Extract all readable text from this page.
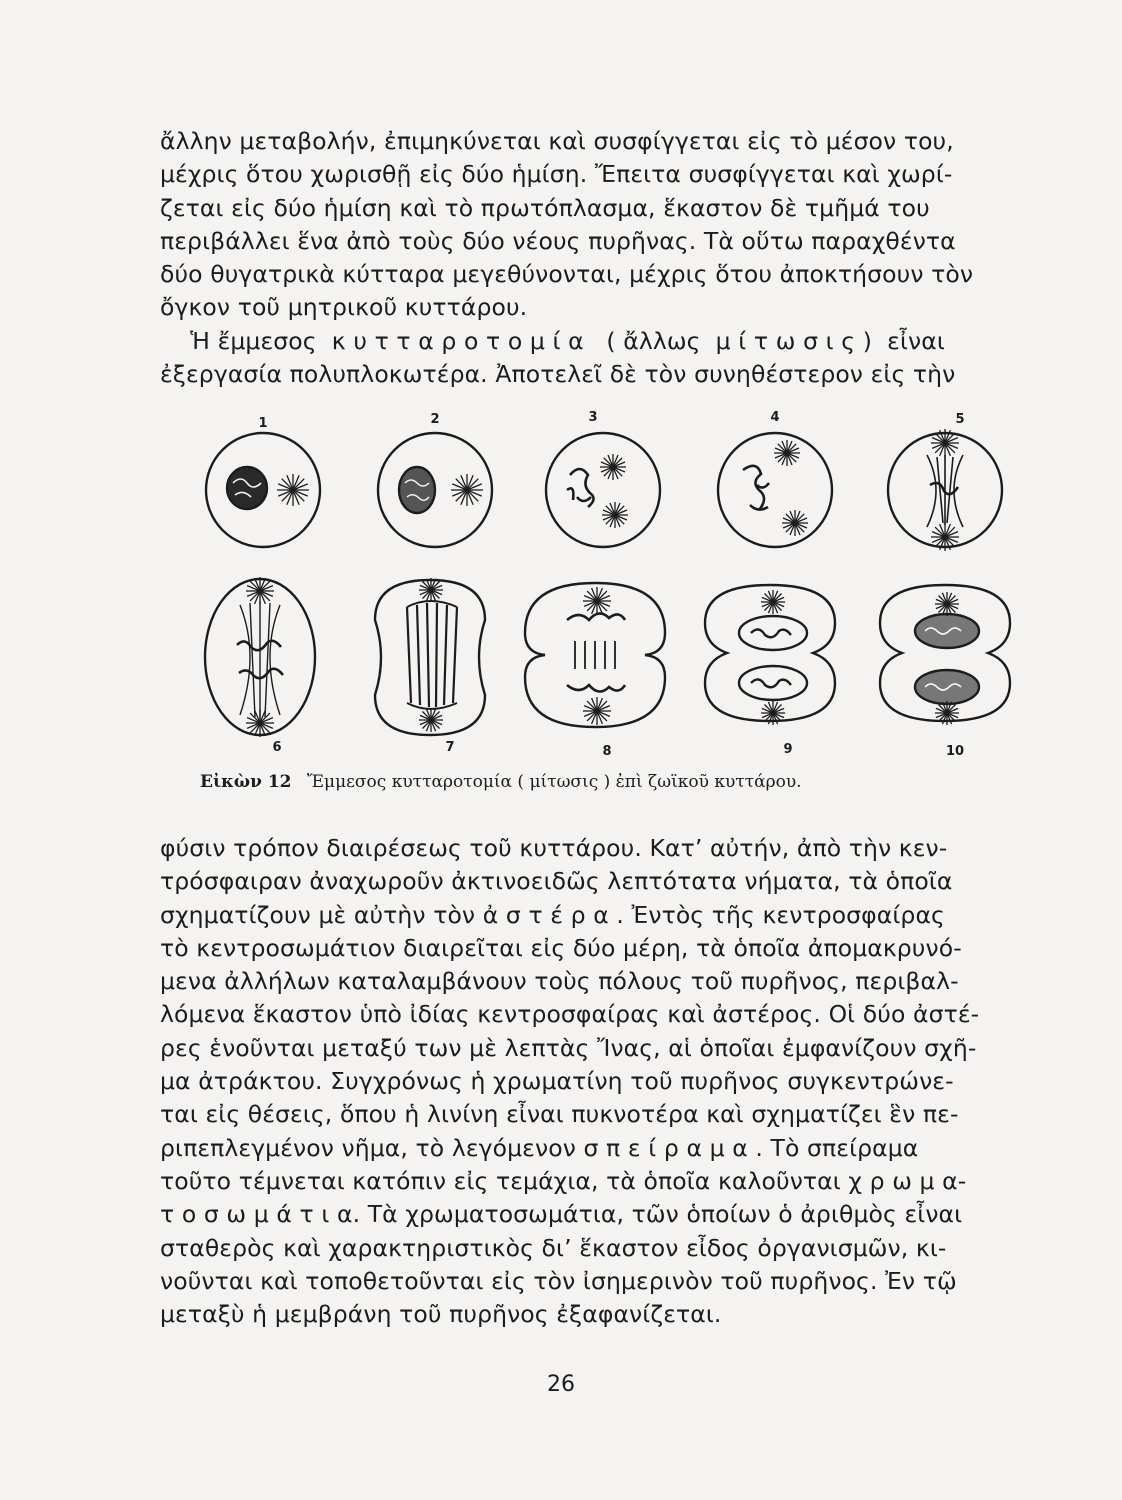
ἄλλην μεταβολήν, ἐπιμηκύνεται καὶ συσφίγγεται εἰς τὸ μέσον του,
μέχρις ὅτου χωρισθῇ εἰς δύο ἡμίση. Ἔπειτα συσφίγγεται καὶ χωρί-
ζεται εἰς δύο ἡμίση καὶ τὸ πρωτόπλασμα, ἕκαστον δὲ τμῆμά του
περιβάλλει ἕνα ἀπὸ τοὺς δύο νέους πυρῆνας. Τὰ οὕτω παραχθέντα
δύο θυγατρικὰ κύτταρα μεγεθύνονται, μέχρις ὅτου ἀποκτήσουν τὸν
ὄγκον τοῦ μητρικοῦ κυττάρου.
Ἡ ἔμμεσος  κ υ τ τ α ρ ο τ ο μ ί α   ( ἄλλως  μ ί τ ω σ ι ς )  εἶναι
ἐξεργασία πολυπλοκωτέρα. Ἀποτελεῖ δὲ τὸν συνηθέστερον εἰς τὴν
1	2	3	4	5
6	7	8	9	10
Εἰκὼν 12 Ἔμμεσος κυτταροτομία ( μίτωσις ) ἐπὶ ζωϊκοῦ κυττάρου.
φύσιν τρόπον διαιρέσεως τοῦ κυττάρου. Κατ’ αὐτήν, ἀπὸ τὴν κεν-
τρόσφαιραν ἀναχωροῦν ἀκτινοειδῶς λεπτότατα νήματα, τὰ ὁποῖα
σχηματίζουν μὲ αὐτὴν τὸν ἀ σ τ έ ρ α . Ἐντὸς τῆς κεντροσφαίρας
τὸ κεντροσωμάτιον διαιρεῖται εἰς δύο μέρη, τὰ ὁποῖα ἀπομακρυνό-
μενα ἀλλήλων καταλαμβάνουν τοὺς πόλους τοῦ πυρῆνος, περιβαλ-
λόμενα ἕκαστον ὑπὸ ἰδίας κεντροσφαίρας καὶ ἀστέρος. Οἱ δύο ἀστέ-
ρες ἑνοῦνται μεταξύ των μὲ λεπτὰς Ἴνας, αἱ ὁποῖαι ἐμφανίζουν σχῆ-
μα ἀτράκτου. Συγχρόνως ἡ χρωματίνη τοῦ πυρῆνος συγκεντρώνε-
ται εἰς θέσεις, ὅπου ἡ λινίνη εἶναι πυκνοτέρα καὶ σχηματίζει ἓν πε-
ριπεπλεγμένον νῆμα, τὸ λεγόμενον σ π ε ί ρ α μ α . Τὸ σπείραμα
τοῦτο τέμνεται κατόπιν εἰς τεμάχια, τὰ ὁποῖα καλοῦνται χ ρ ω μ α-
τ ο σ ω μ ά τ ι α. Τὰ χρωματοσωμάτια, τῶν ὁποίων ὁ ἀριθμὸς εἶναι
σταθερὸς καὶ χαρακτηριστικὸς δι’ ἕκαστον εἶδος ὀργανισμῶν, κι-
νοῦνται καὶ τοποθετοῦνται εἰς τὸν ἰσημερινὸν τοῦ πυρῆνος. Ἐν τῷ
μεταξὺ ἡ μεμβράνη τοῦ πυρῆνος ἐξαφανίζεται.
26
